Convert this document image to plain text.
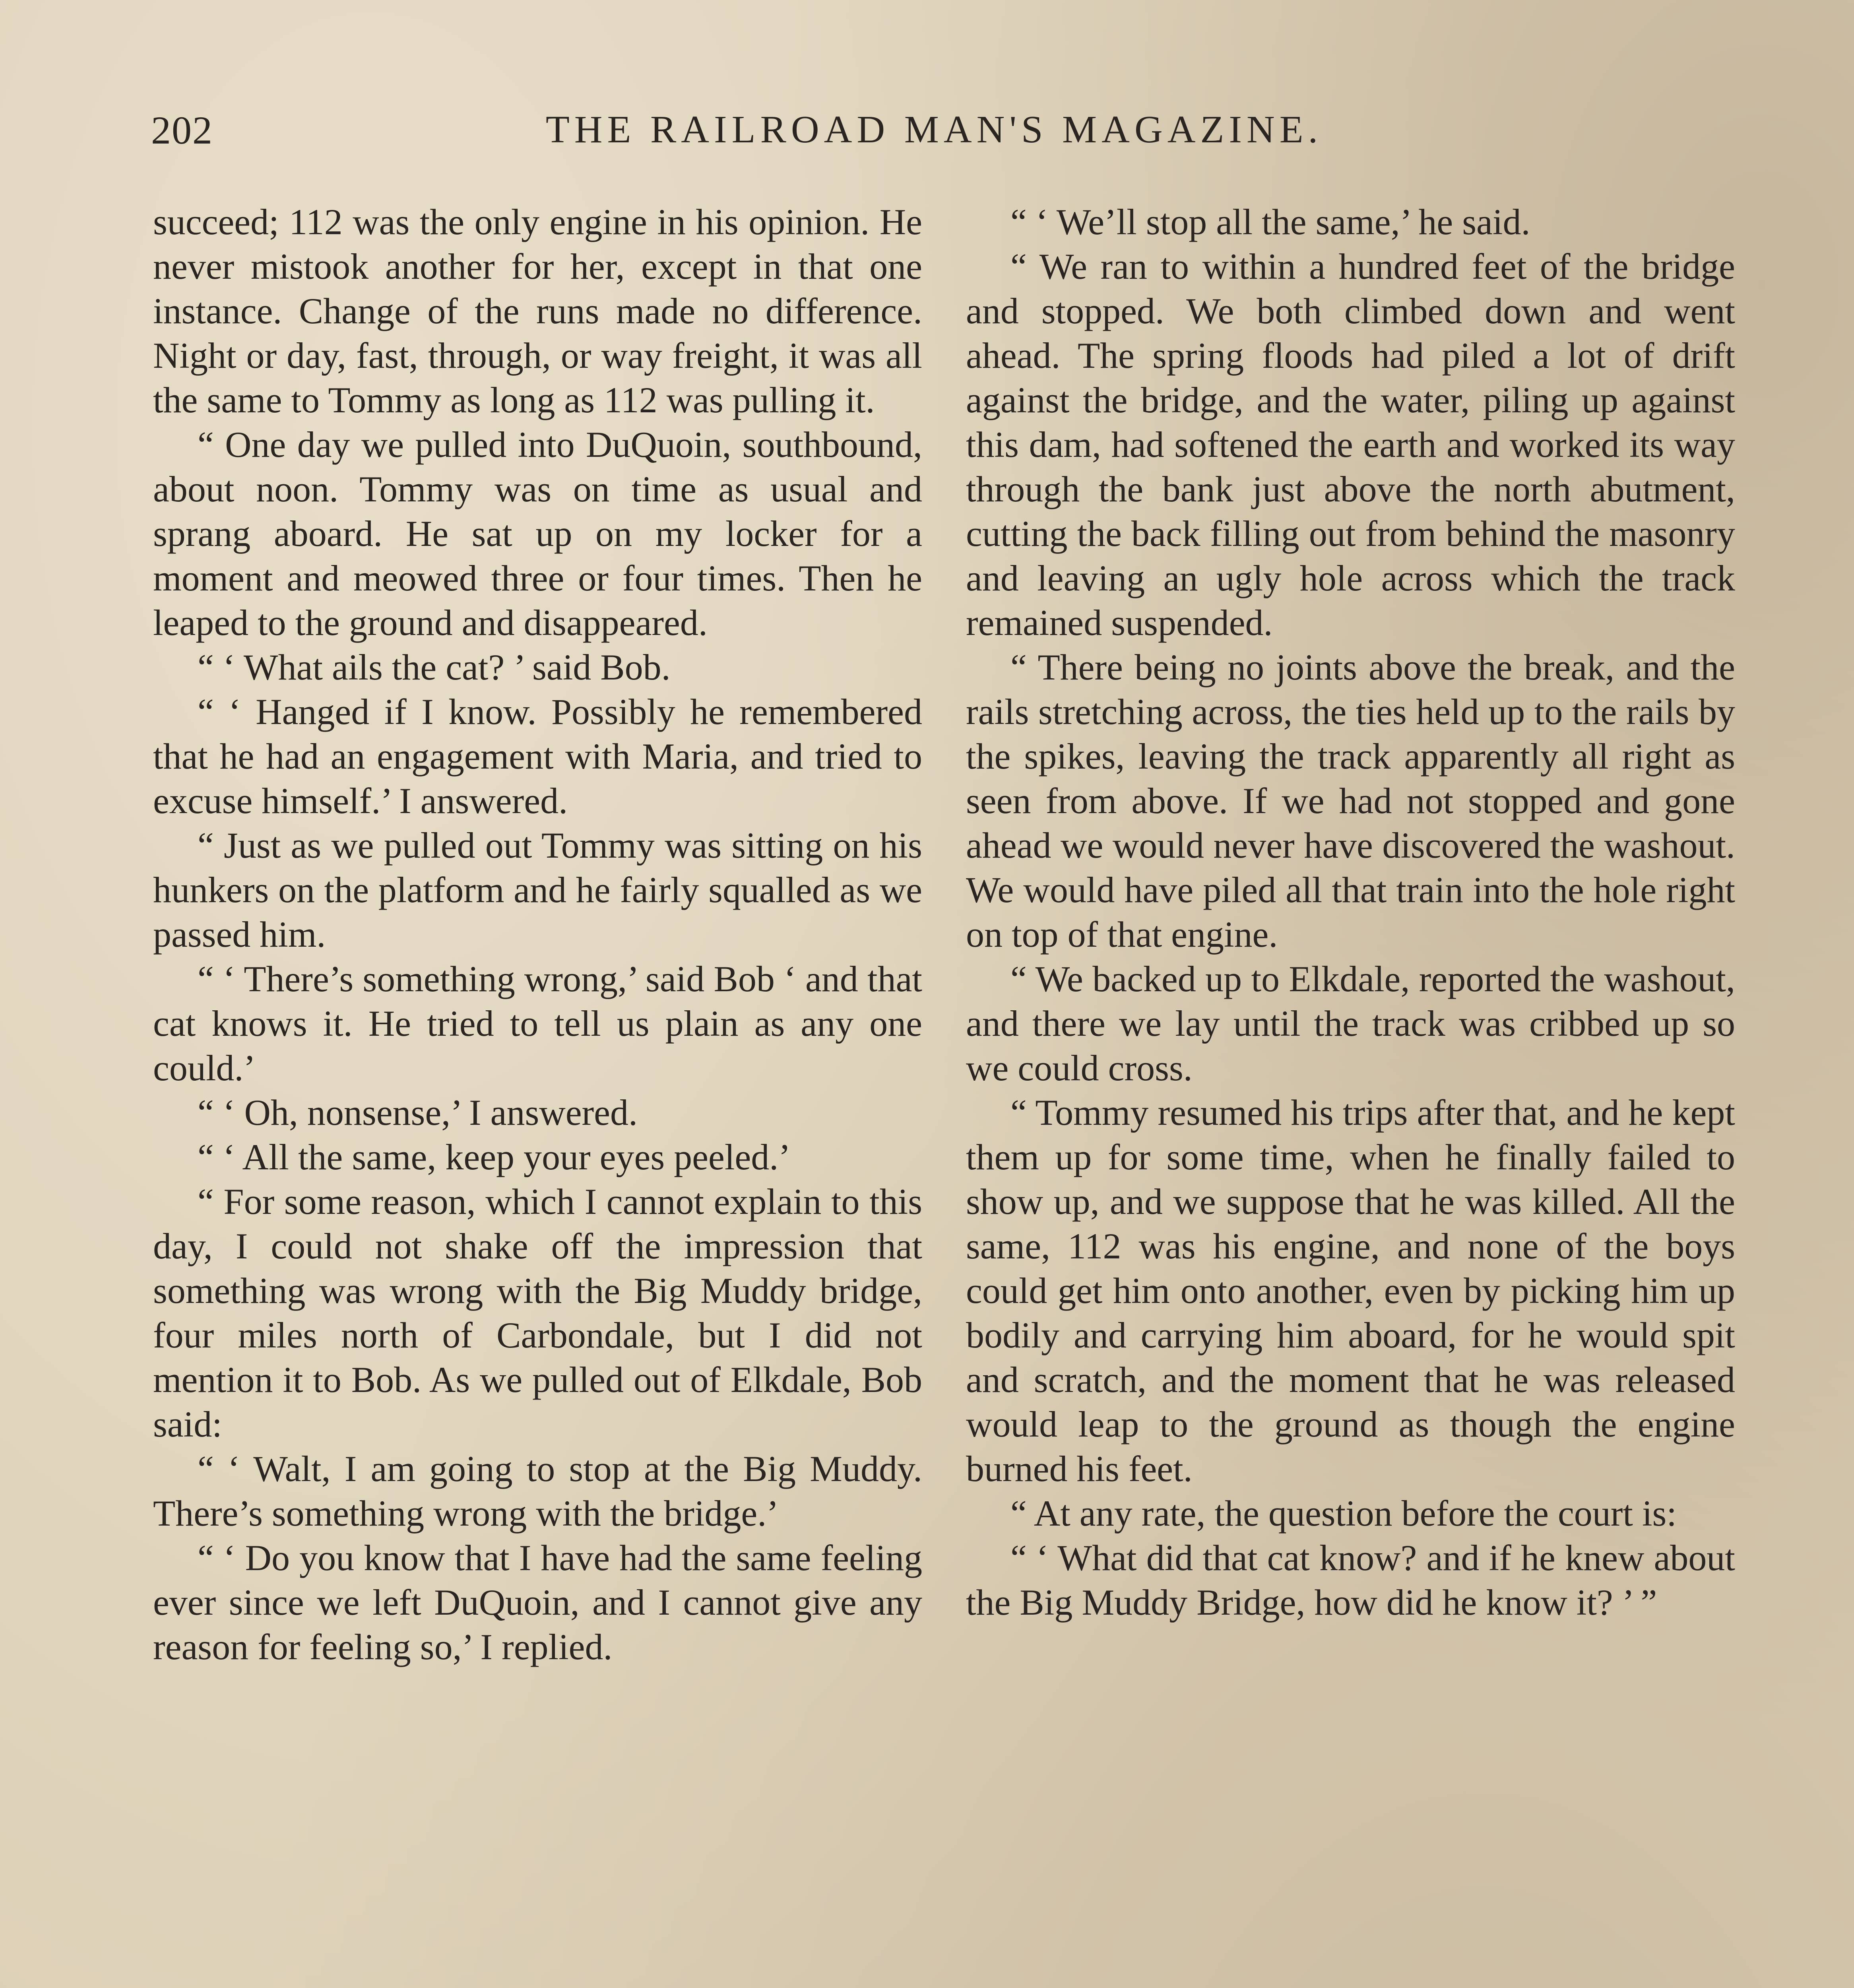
THE RAILROAD MAN'S MAGAZINE.
202

succeed; 112 was the only engine in his opinion. He never mistook another for her, except in that one instance. Change of the runs made no difference. Night or day, fast, through, or way freight, it was all the same to Tommy as long as 112 was pulling it.

“ One day we pulled into DuQuoin, southbound, about noon. Tommy was on time as usual and sprang aboard. He sat up on my locker for a moment and meowed three or four times. Then he leaped to the ground and disappeared.

“ ‘ What ails the cat? ’ said Bob.

“ ‘ Hanged if I know. Possibly he remembered that he had an engagement with Maria, and tried to excuse himself.’ I answered.

“ Just as we pulled out Tommy was sitting on his hunkers on the platform and he fairly squalled as we passed him.

“ ‘ There’s something wrong,’ said Bob ‘ and that cat knows it. He tried to tell us plain as any one could.’

“ ‘ Oh, nonsense,’ I answered.

“ ‘ All the same, keep your eyes peeled.’

“ For some reason, which I cannot explain to this day, I could not shake off the impression that something was wrong with the Big Muddy bridge, four miles north of Carbondale, but I did not mention it to Bob. As we pulled out of Elkdale, Bob said:

“ ‘ Walt, I am going to stop at the Big Muddy. There’s something wrong with the bridge.’

“ ‘ Do you know that I have had the same feeling ever since we left DuQuoin, and I cannot give any reason for feeling so,’ I replied.

“ ‘ We’ll stop all the same,’ he said.

“ We ran to within a hundred feet of the bridge and stopped. We both climbed down and went ahead. The spring floods had piled a lot of drift against the bridge, and the water, piling up against this dam, had softened the earth and worked its way through the bank just above the north abutment, cutting the back filling out from behind the masonry and leaving an ugly hole across which the track remained suspended.

“ There being no joints above the break, and the rails stretching across, the ties held up to the rails by the spikes, leaving the track apparently all right as seen from above. If we had not stopped and gone ahead we would never have discovered the washout. We would have piled all that train into the hole right on top of that engine.

“ We backed up to Elkdale, reported the washout, and there we lay until the track was cribbed up so we could cross.

“ Tommy resumed his trips after that, and he kept them up for some time, when he finally failed to show up, and we suppose that he was killed. All the same, 112 was his engine, and none of the boys could get him onto another, even by picking him up bodily and carrying him aboard, for he would spit and scratch, and the moment that he was released would leap to the ground as though the engine burned his feet.

“ At any rate, the question before the court is:

“ ‘ What did that cat know? and if he knew about the Big Muddy Bridge, how did he know it? ’ ”
